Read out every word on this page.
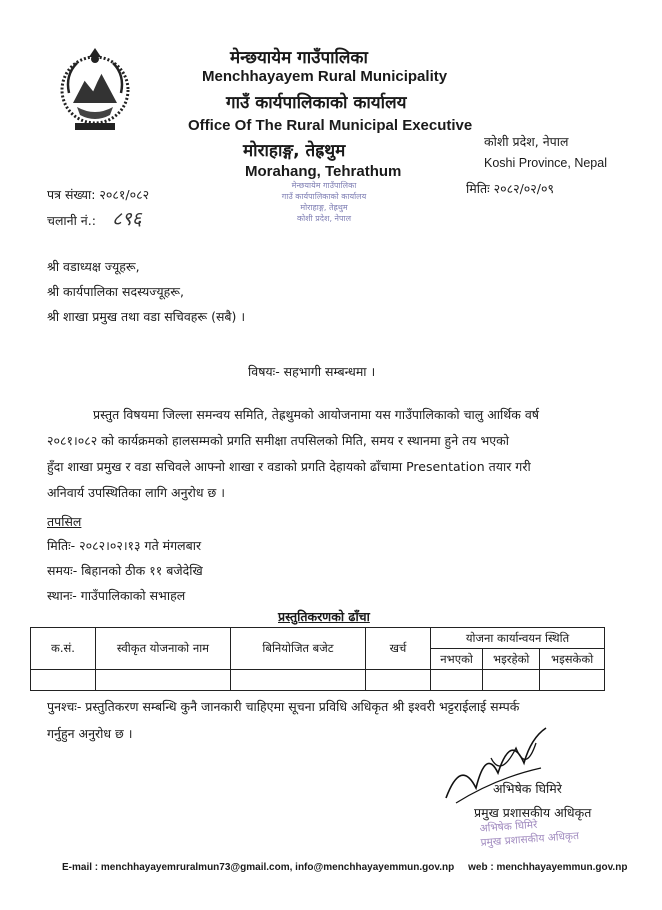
मेन्छयायेम गाउँपालिका
Menchhayayem Rural Municipality
गाउँ कार्यपालिकाको कार्यालय
Office Of The Rural Municipal Executive
मोराहाङ्ग, तेह्रथुम
Morahang, Tehrathum
कोशी प्रदेश, नेपाल
Koshi Province, Nepal
पत्र संख्या: २०८१/०८२
चलानी नं.: ८९६
मितिः २०८२/०२/०९
मेन्छयायेम गाउँपालिका
गाउँ कार्यपालिकाको कार्यालय
मोराहाङ्ग, तेह्रथुम
कोशी प्रदेश, नेपाल
श्री वडाध्यक्ष ज्यूहरू,
श्री कार्यपालिका सदस्यज्यूहरू,
श्री शाखा प्रमुख तथा वडा सचिवहरू (सबै) ।
विषयः- सहभागी सम्बन्धमा ।
प्रस्तुत विषयमा जिल्ला समन्वय समिति, तेह्रथुमको आयोजनामा यस गाउँपालिकाको चालु आर्थिक वर्ष
२०८१।०८२ को कार्यक्रमको हालसम्मको प्रगति समीक्षा तपसिलको मिति, समय र स्थानमा हुने तय भएको
हुँदा शाखा प्रमुख र वडा सचिवले आफ्नो शाखा र वडाको प्रगति देहायको ढाँचामा Presentation तयार गरी
अनिवार्य उपस्थितिका लागि अनुरोध छ ।
तपसिल
मितिः- २०८२।०२।१३ गते मंगलबार
समयः- बिहानको ठीक ११ बजेदेखि
स्थानः- गाउँपालिकाको सभाहल
प्रस्तुतिकरणको ढाँचा
क.सं.	स्वीकृत योजनाको नाम	बिनियोजित बजेट	खर्च	योजना कार्यान्वयन स्थिति		
				नभएको	भइरहेको	भइसकेको

पुनश्चः- प्रस्तुतिकरण सम्बन्धि कुनै जानकारी चाहिएमा सूचना प्रविधि अधिकृत श्री इश्वरी भट्टराईलाई सम्पर्क
गर्नुहुन अनुरोध छ ।
अभिषेक घिमिरे
प्रमुख प्रशासकीय अधिकृत
अभिषेक घिमिरे
प्रमुख प्रशासकीय अधिकृत
E-mail : menchhayayemruralmun73@gmail.com, info@menchhayayemmun.gov.np web : menchhayayemmun.gov.np
